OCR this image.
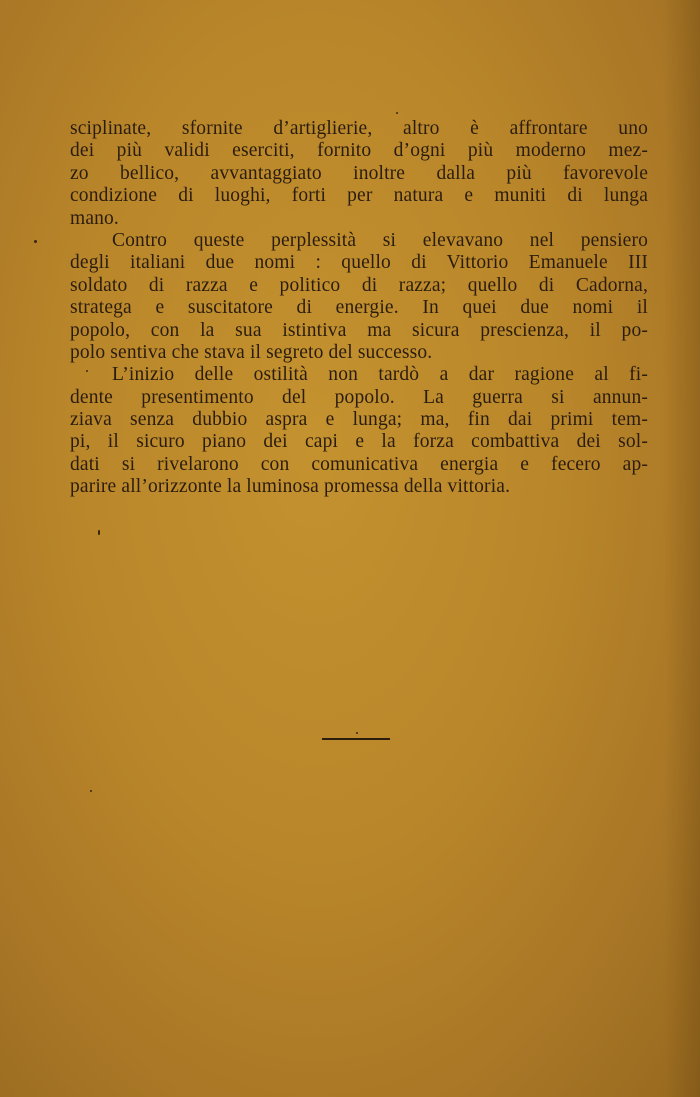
sciplinate, sfornite d’artiglierie, altro è affrontare uno
dei più validi eserciti, fornito d’ogni più moderno mez-
zo bellico, avvantaggiato inoltre dalla più favorevole
condizione di luoghi, forti per natura e muniti di lunga
mano.
Contro queste perplessità si elevavano nel pensiero
degli italiani due nomi : quello di Vittorio Emanuele III
soldato di razza e politico di razza; quello di Cadorna,
stratega e suscitatore di energie. In quei due nomi il
popolo, con la sua istintiva ma sicura prescienza, il po-
polo sentiva che stava il segreto del successo.
L’inizio delle ostilità non tardò a dar ragione al fi-
dente presentimento del popolo. La guerra si annun-
ziava senza dubbio aspra e lunga; ma, fin dai primi tem-
pi, il sicuro piano dei capi e la forza combattiva dei sol-
dati si rivelarono con comunicativa energia e fecero ap-
parire all’orizzonte la luminosa promessa della vittoria.
